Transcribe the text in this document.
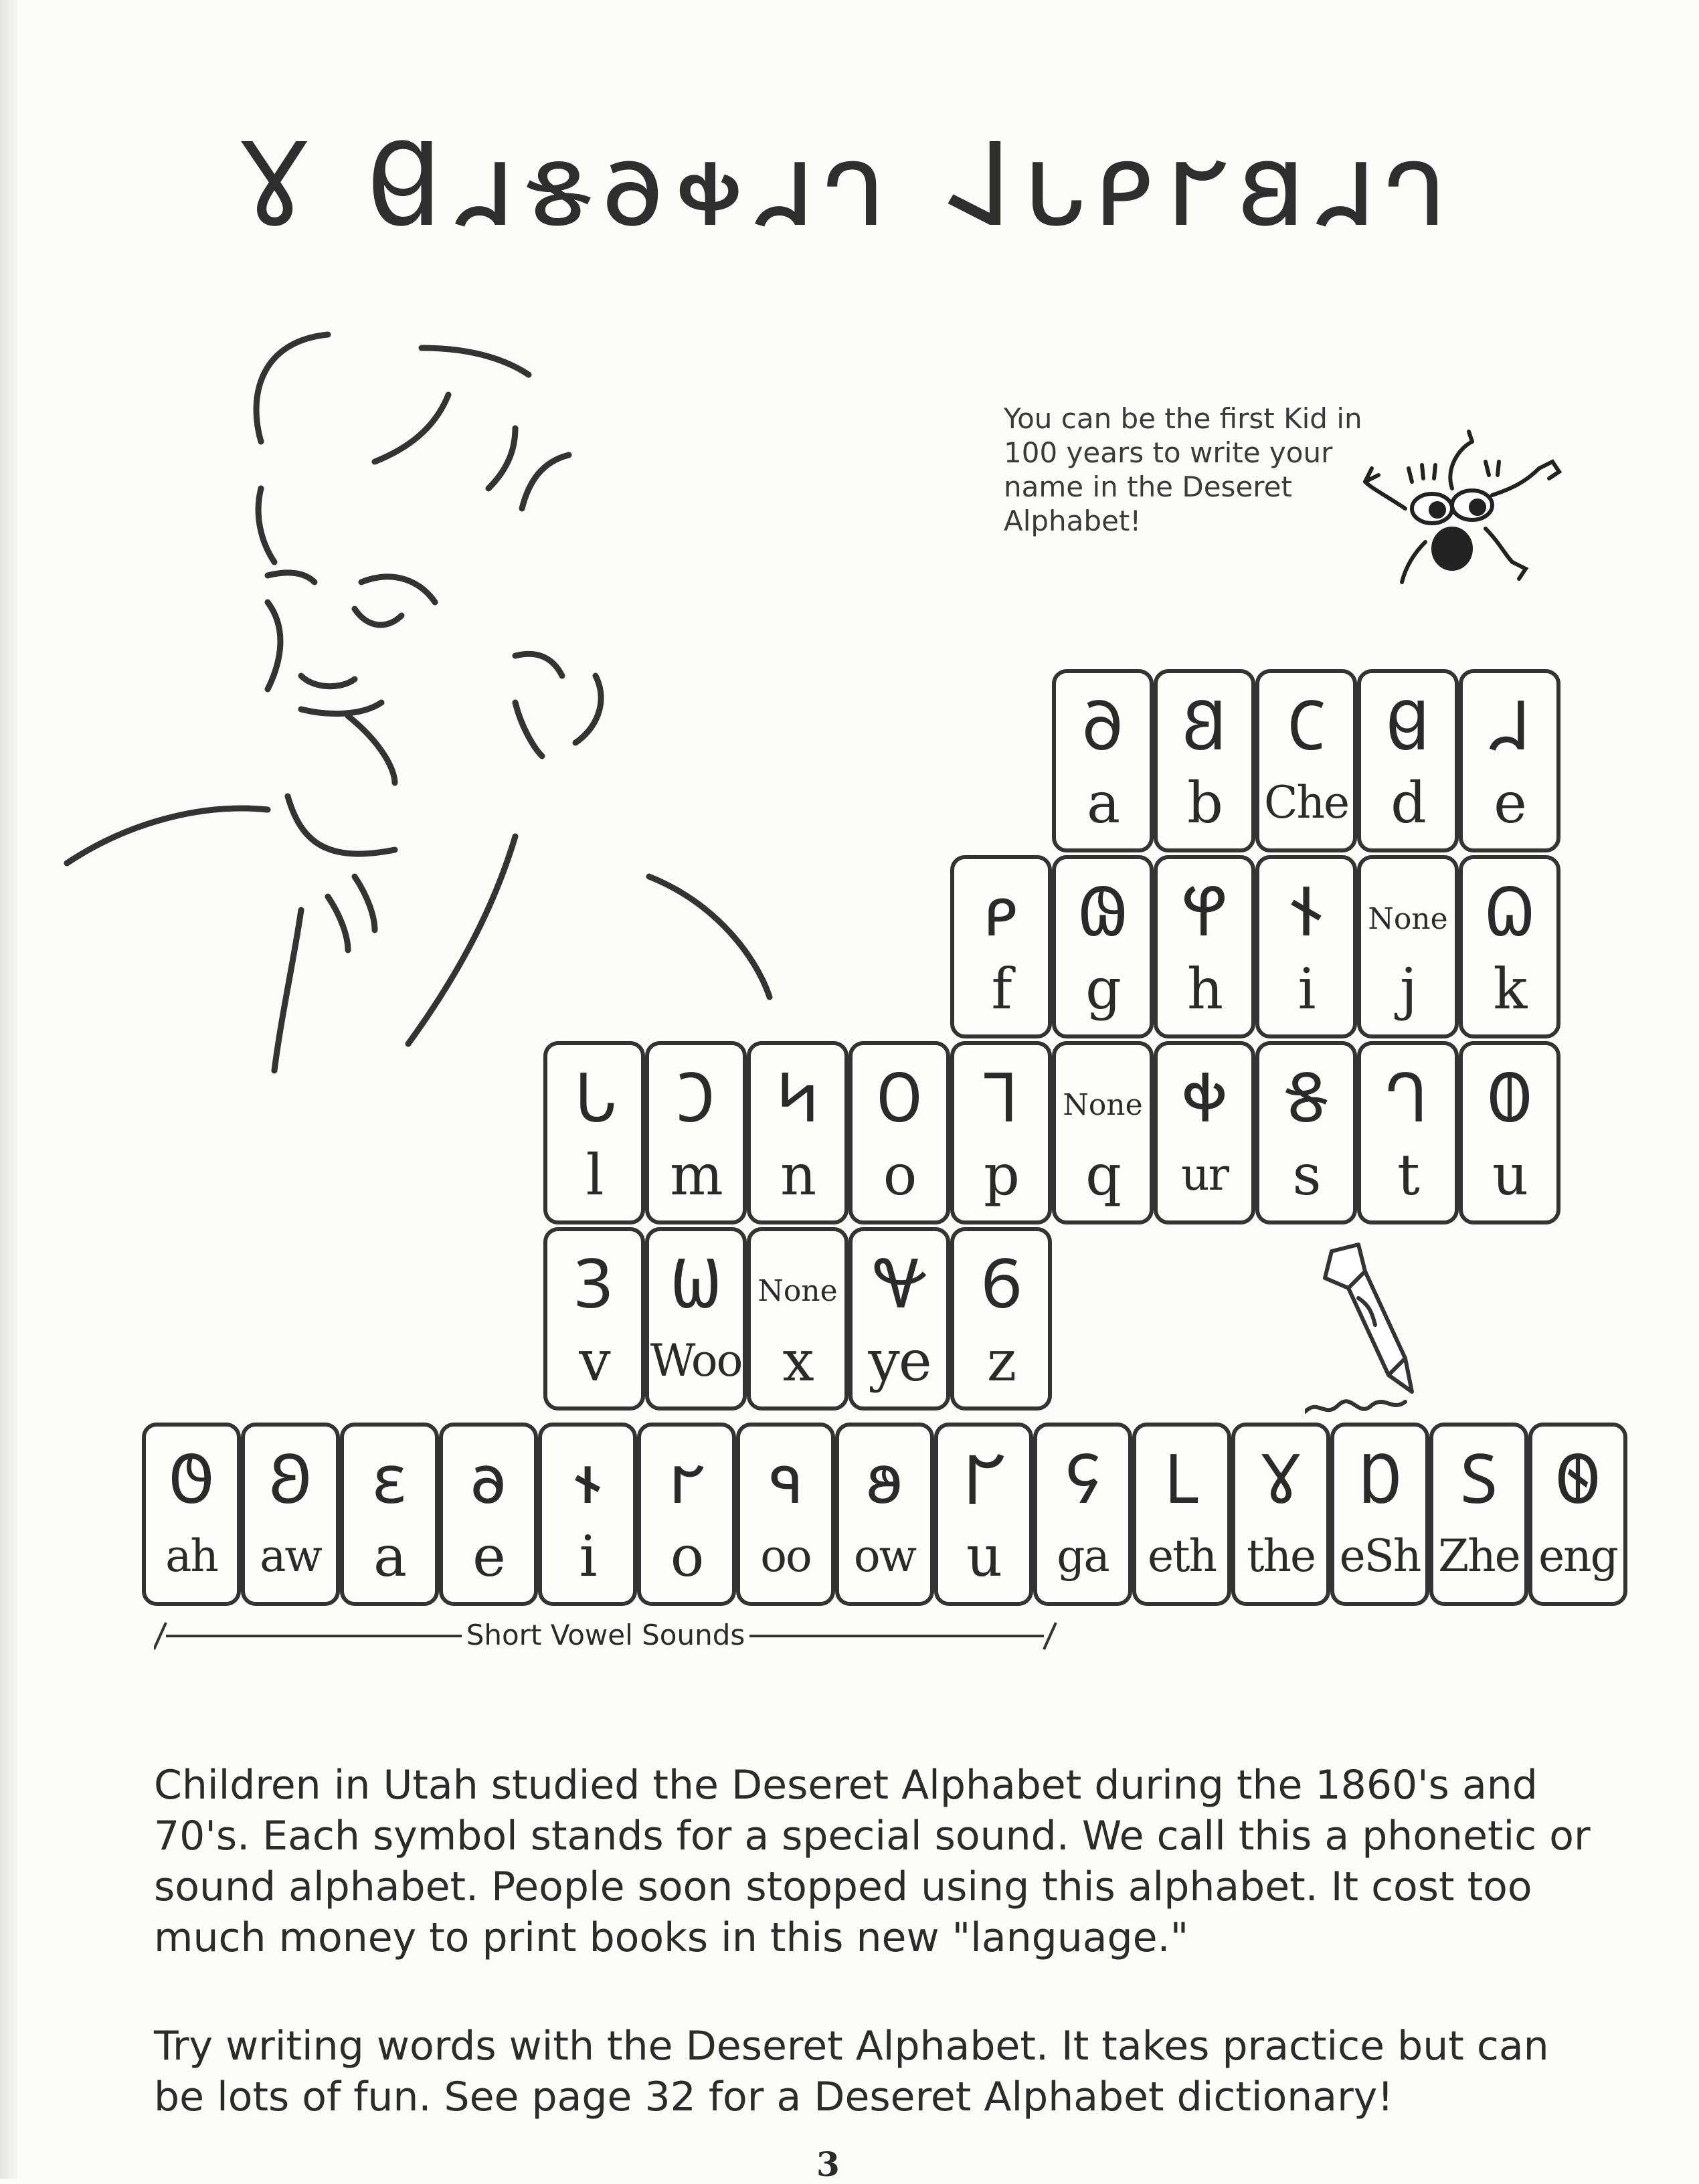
𐐜 𐐔𐐯𐑅𐐨𐑉𐐯𐐻 𐐈𐑊𐑁𐐲𐐺𐐯𐐻
You can be the first Kid in 100 years to write your name in the Deseret Alphabet!
𐐀
a
𐐒
b
𐐕
Che
𐐔
d
𐐇
e
𐑁
f
𐐘
g
𐐐
h
𐐆
i
None
j
𐐗
k
𐐢
l
𐐣
m
𐐤
n
𐐄
o
𐐑
p
None
q
𐐡
ur
𐐝
s
𐐓
t
𐐅
u
𐐚
v
𐐎
Woo
None
x
𐐏
ye
𐐞
z
𐐃
ah
𐐂
aw
𐐩
a
𐐨
e
𐐮
i
𐐲
o
𐐳
oo
𐐵
ow
𐐊
u
𐐖
ga
𐐛
eth
𐐜
the
𐐟
eSh
𐐠
Zhe
𐐧
eng
Short Vowel Sounds
Children in Utah studied the Deseret Alphabet during the 1860's and 70's. Each symbol stands for a special sound. We call this a phonetic or sound alphabet. People soon stopped using this alphabet. It cost too much money to print books in this new "language."
Try writing words with the Deseret Alphabet. It takes practice but can be lots of fun. See page 32 for a Deseret Alphabet dictionary!
3
